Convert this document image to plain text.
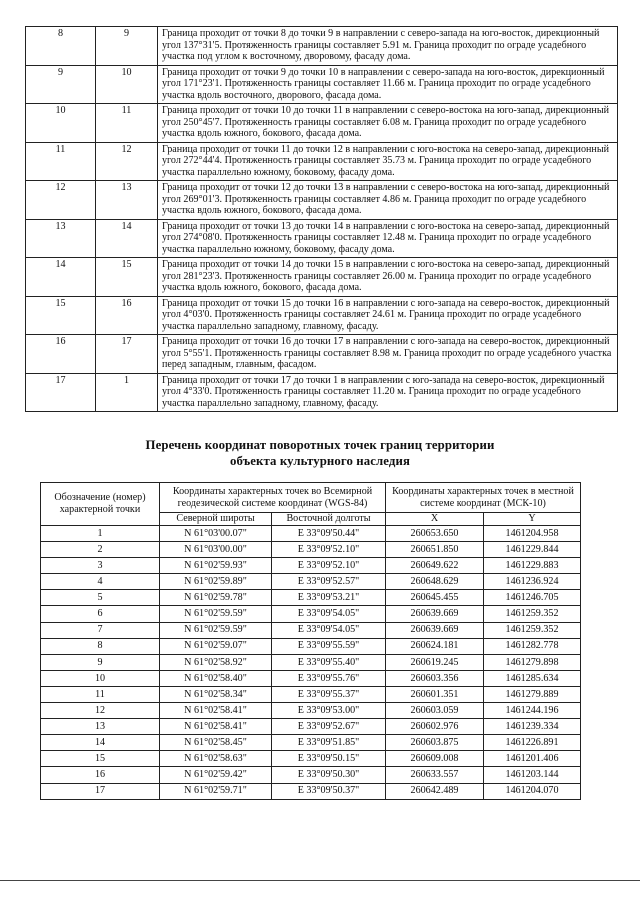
8	9	Граница проходит от точки 8 до точки 9 в направлении с северо-запада на юго-восток, дирекционный угол 137°31'5. Протяженность границы составляет 5.91 м. Граница проходит по ограде усадебного участка под углом к восточному, дворовому, фасаду дома.
9	10	Граница проходит от точки 9 до точки 10 в направлении с северо-запада на юго-восток, дирекционный угол 171°23'1. Протяженность границы составляет 11.66 м. Граница проходит по ограде усадебного участка вдоль восточного, дворового, фасада дома.
10	11	Граница проходит от точки 10 до точки 11 в направлении с северо-востока на юго-запад, дирекционный угол 250°45'7. Протяженность границы составляет 6.08 м. Граница проходит по ограде усадебного участка вдоль южного, бокового, фасада дома.
11	12	Граница проходит от точки 11 до точки 12 в направлении с юго-востока на северо-запад, дирекционный угол 272°44'4. Протяженность границы составляет 35.73 м. Граница проходит по ограде усадебного участка параллельно южному, боковому, фасаду дома.
12	13	Граница проходит от точки 12 до точки 13 в направлении с северо-востока на юго-запад, дирекционный угол 269°01'3. Протяженность границы составляет 4.86 м. Граница проходит по ограде усадебного участка вдоль южного, бокового, фасада дома.
13	14	Граница проходит от точки 13 до точки 14 в направлении с юго-востока на северо-запад, дирекционный угол 274°08'0. Протяженность границы составляет 12.48 м. Граница проходит по ограде усадебного участка параллельно южному, боковому, фасаду дома.
14	15	Граница проходит от точки 14 до точки 15 в направлении с юго-востока на северо-запад, дирекционный угол 281°23'3. Протяженность границы составляет 26.00 м. Граница проходит по ограде усадебного участка вдоль южного, бокового, фасада дома.
15	16	Граница проходит от точки 15 до точки 16 в направлении с юго-запада на северо-восток, дирекционный угол 4°03'0. Протяженность границы составляет 24.61 м. Граница проходит по ограде усадебного участка параллельно западному, главному, фасаду.
16	17	Граница проходит от точки 16 до точки 17 в направлении с юго-запада на северо-восток, дирекционный угол 5°55'1. Протяженность границы составляет 8.98 м. Граница проходит по ограде усадебного участка перед западным, главным, фасадом.
17	1	Граница проходит от точки 17 до точки 1 в направлении с юго-запада на северо-восток, дирекционный угол 4°33'0. Протяженность границы составляет 11.20 м. Граница проходит по ограде усадебного участка параллельно западному, главному, фасаду.
Перечень координат поворотных точек границ территории
объекта культурного наследия
Обозначение (номер) характерной точки	Координаты характерных точек во Всемирной геодезической системе координат (WGS-84)		Координаты характерных точек в местной системе координат (МСК-10)	
	Северной широты	Восточной долготы	X	Y
1	N 61°03'00.07"	E 33°09'50.44"	260653.650	1461204.958
2	N 61°03'00.00"	E 33°09'52.10"	260651.850	1461229.844
3	N 61°02'59.93"	E 33°09'52.10"	260649.622	1461229.883
4	N 61°02'59.89"	E 33°09'52.57"	260648.629	1461236.924
5	N 61°02'59.78"	E 33°09'53.21"	260645.455	1461246.705
6	N 61°02'59.59"	E 33°09'54.05"	260639.669	1461259.352
7	N 61°02'59.59"	E 33°09'54.05"	260639.669	1461259.352
8	N 61°02'59.07"	E 33°09'55.59"	260624.181	1461282.778
9	N 61°02'58.92"	E 33°09'55.40"	260619.245	1461279.898
10	N 61°02'58.40"	E 33°09'55.76"	260603.356	1461285.634
11	N 61°02'58.34"	E 33°09'55.37"	260601.351	1461279.889
12	N 61°02'58.41"	E 33°09'53.00"	260603.059	1461244.196
13	N 61°02'58.41"	E 33°09'52.67"	260602.976	1461239.334
14	N 61°02'58.45"	E 33°09'51.85"	260603.875	1461226.891
15	N 61°02'58.63"	E 33°09'50.15"	260609.008	1461201.406
16	N 61°02'59.42"	E 33°09'50.30"	260633.557	1461203.144
17	N 61°02'59.71"	E 33°09'50.37"	260642.489	1461204.070
